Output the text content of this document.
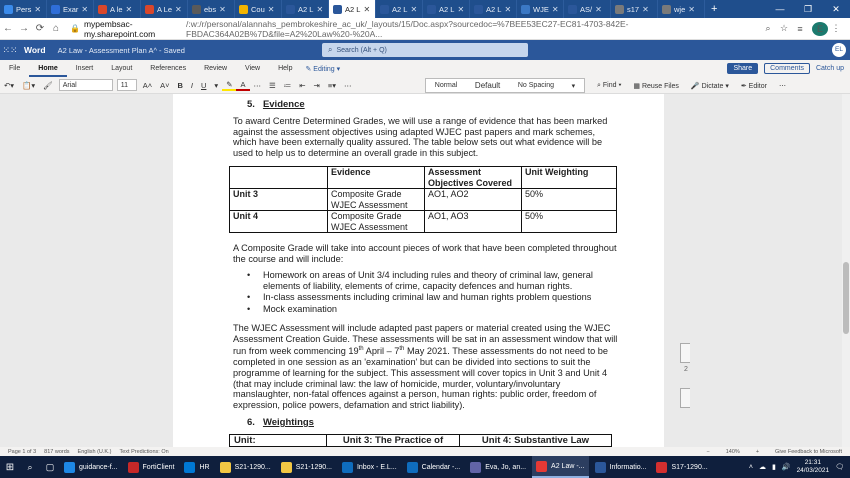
Pers ✕	Exar ✕	A le ✕	A Le ✕	ebs ✕	Cou ✕	A2 L ✕	A2 L ✕	A2 L ✕	A2 L ✕	A2 L ✕	WJE ✕	AS/ ✕	s17 ✕	wje ✕	+	—	❐	✕
← → ⟳ ⌂	🔒 mypembsac-my.sharepoint.com
/:w:/r/personal/alannahs_pembrokeshire_ac_uk/_layouts/15/Doc.aspx?sourcedoc=%7BEE53EC27-EC81-4703-842E-FBDAC364A02B%7D&file=A2%20Law%20-%20A...
⌕	☆	≡	E ⋮
⁙⁙ Word A2 Law - Assessment Plan A^ - Saved	⌕ Search (Alt + Q)	EL
File	Home	Insert	Layout	References	Review	View	Help	✎ Editing ▾	Share	Comments	Catch up
↶▾	📋▾	🖌	Arial	11	A˄	A˅	B	I	U	▾	✎	A	⋯	☰	≔	⇤	⇥	≡▾	⋯	Normal Default	No Spacing	▾	⌕ Find ▾ ▦ Reuse Files 🎤 Dictate ▾ ✒ Editor ⋯
2
5. Evidence
To award Centre Determined Grades, we will use a range of evidence that has been marked against the assessment objectives using adapted WJEC past papers and mark schemes, which have been externally quality assured. The table below sets out what evidence will be used to help us to determine an overall grade in this subject.
	Evidence	Assessment Objectives Covered	Unit Weighting
Unit 3	Composite Grade WJEC Assessment	AO1, AO2	50%
Unit 4	Composite Grade WJEC Assessment	AO1, AO3	50%
A Composite Grade will take into account pieces of work that have been completed throughout the course and will include:
• Homework on areas of Unit 3/4 including rules and theory of criminal law, general elements of liability, elements of crime, capacity defences and human rights.
• In-class assessments including criminal law and human rights problem questions
• Mock examination
The WJEC Assessment will include adapted past papers or material created using the WJEC Assessment Creation Guide. These assessments will be sat in an assessment window that will run from week commencing 19th April – 7th May 2021. These assessments do not need to be completed in one session as an 'examination' but can be divided into sections to suit the programme of learning for the subject. This assessment will cover topics in Unit 3 and Unit 4 (that may include criminal law: the law of homicide, murder, voluntary/involuntary manslaughter, non-fatal offences against a person, human rights: public order, freedom of expression, police powers, defamation and strict liability).
6. Weightings
Unit:	Unit 3: The Practice of	Unit 4: Substantive Law
Page 1 of 3 817 words English (U.K.) Text Predictions: On	−	140%	+	Give Feedback to Microsoft
⊞	⌕	▢	guidance-f...	FortiClient	HR	S21-1290...	S21-1290...	Inbox - E.L...	Calendar -...	Eva, Jo, an...	A2 Law -...	Informatio...	S17-1290...	˄ ☁ ▮ 🔊
21:31
24/03/2021 🗨
